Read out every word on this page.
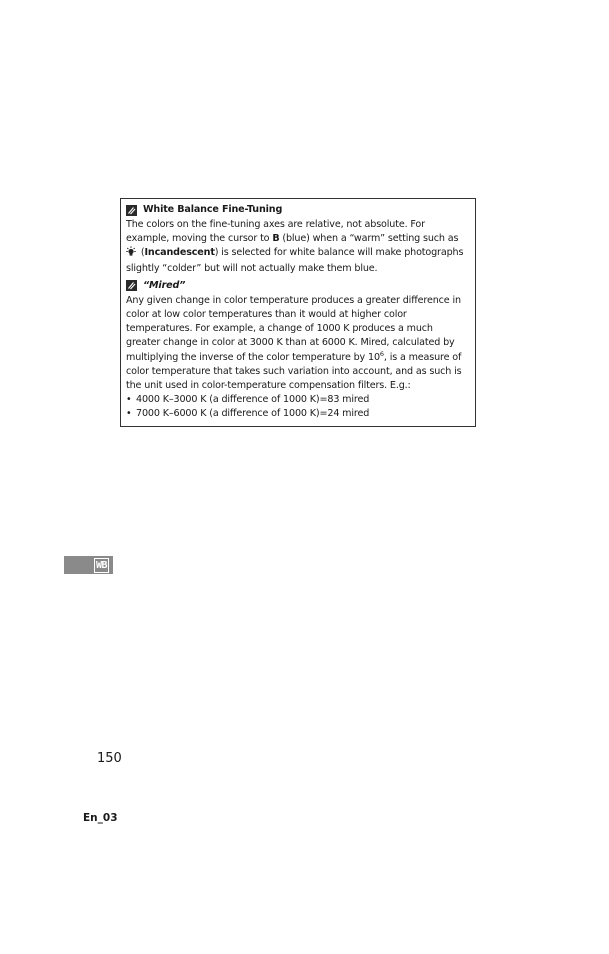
White Balance Fine-Tuning

The colors on the fine-tuning axes are relative, not absolute. For

example, moving the cursor to B (blue) when a “warm” setting such as

(Incandescent) is selected for white balance will make photographs

slightly “colder” but will not actually make them blue.

“Mired”

Any given change in color temperature produces a greater difference in

color at low color temperatures than it would at higher color

temperatures. For example, a change of 1000 K produces a much

greater change in color at 3000 K than at 6000 K. Mired, calculated by

multiplying the inverse of the color temperature by $10^6$, is a measure of

color temperature that takes such variation into account, and as such is

the unit used in color-temperature compensation filters. E.g.:

• 4000 K–3000 K (a difference of 1000 K)=83 mired
• 7000 K–6000 K (a difference of 1000 K)=24 mired
WB
150
En_03
